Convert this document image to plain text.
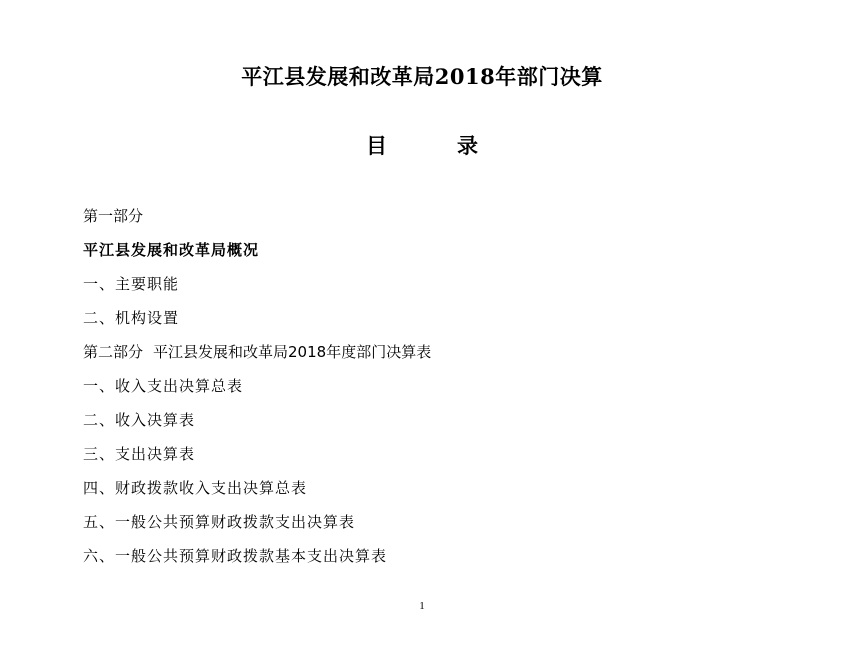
平江县发展和改革局2018年部门决算
目	录
第一部分
平江县发展和改革局概况
一、主要职能
二、机构设置
第二部分 平江县发展和改革局2018年度部门决算表
一、收入支出决算总表
二、收入决算表
三、支出决算表
四、财政拨款收入支出决算总表
五、一般公共预算财政拨款支出决算表
六、一般公共预算财政拨款基本支出决算表
1
